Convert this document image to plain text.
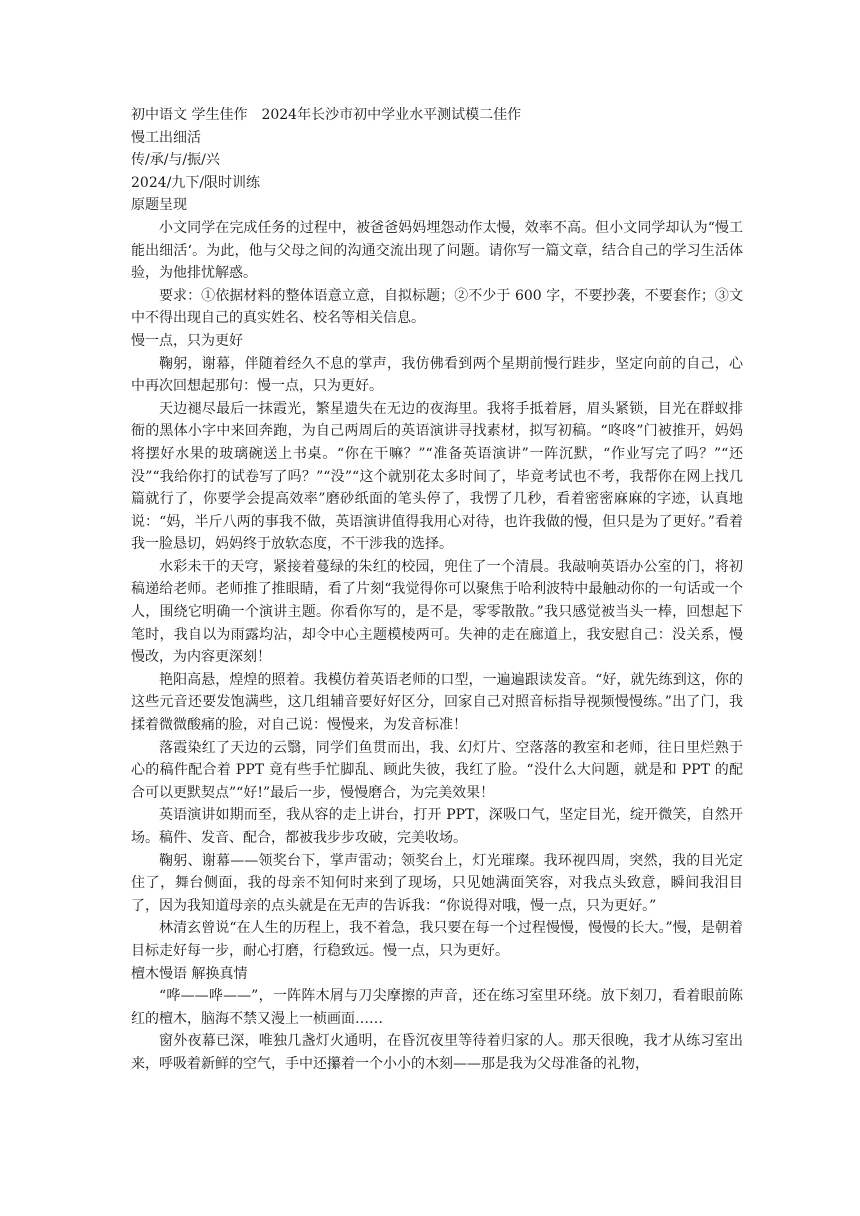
初中语文 学生佳作　2024年长沙市初中学业水平测试模二佳作

慢工出细活

传/承/与/振/兴

2024/九下/限时训练

原题呈现

小文同学在完成任务的过程中，被爸爸妈妈埋怨动作太慢，效率不高。但小文同学却认为“慢工能出细活‘。为此，他与父母之间的沟通交流出现了问题。请你写一篇文章，结合自己的学习生活体验，为他排忧解惑。

要求：①依据材料的整体语意立意，自拟标题；②不少于 600 字，不要抄袭，不要套作；③文中不得出现自己的真实姓名、校名等相关信息。

慢一点，只为更好

鞠躬，谢幕，伴随着经久不息的掌声，我仿佛看到两个星期前慢行跬步，坚定向前的自己，心中再次回想起那句：慢一点，只为更好。

天边褪尽最后一抹霞光，繁星遗失在无边的夜海里。我将手抵着唇，眉头紧锁，目光在群蚁排衙的黑体小字中来回奔跑，为自己两周后的英语演讲寻找素材，拟写初稿。“咚咚”门被推开，妈妈将摆好水果的玻璃碗送上书桌。“你在干嘛？”“准备英语演讲”一阵沉默，“作业写完了吗？”“还没”“我给你打的试卷写了吗？”“没”“这个就别花太多时间了，毕竟考试也不考，我帮你在网上找几篇就行了，你要学会提高效率”磨砂纸面的笔头停了，我愣了几秒，看着密密麻麻的字迹，认真地说：“妈，半斤八两的事我不做，英语演讲值得我用心对待，也许我做的慢，但只是为了更好。”看着我一脸恳切，妈妈终于放软态度，不干涉我的选择。

水彩未干的天穹，紧接着蔓绿的朱红的校园，兜住了一个清晨。我敲响英语办公室的门，将初稿递给老师。老师推了推眼睛，看了片刻“我觉得你可以聚焦于哈利波特中最触动你的一句话或一个人，围绕它明确一个演讲主题。你看你写的，是不是，零零散散。”我只感觉被当头一棒，回想起下笔时，我自以为雨露均沾，却令中心主题模棱两可。失神的走在廊道上，我安慰自己：没关系，慢慢改，为内容更深刻！

艳阳高悬，煌煌的照着。我模仿着英语老师的口型，一遍遍跟读发音。“好，就先练到这，你的这些元音还要发饱满些，这几组辅音要好好区分，回家自己对照音标指导视频慢慢练。”出了门，我揉着微微酸痛的脸，对自己说：慢慢来，为发音标准！

落霞染红了天边的云翳，同学们鱼贯而出，我、幻灯片、空落落的教室和老师，往日里烂熟于心的稿件配合着 PPT 竟有些手忙脚乱、顾此失彼，我红了脸。“没什么大问题，就是和 PPT 的配合可以更默契点”“好!”最后一步，慢慢磨合，为完美效果！

英语演讲如期而至，我从容的走上讲台，打开 PPT，深吸口气，坚定目光，绽开微笑，自然开场。稿件、发音、配合，都被我步步攻破，完美收场。

鞠躬、谢幕——领奖台下，掌声雷动；领奖台上，灯光璀璨。我环视四周，突然，我的目光定住了，舞台侧面，我的母亲不知何时来到了现场，只见她满面笑容，对我点头致意，瞬间我泪目了，因为我知道母亲的点头就是在无声的告诉我：“你说得对哦，慢一点，只为更好。”

林清玄曾说“在人生的历程上，我不着急，我只要在每一个过程慢慢，慢慢的长大。”慢，是朝着目标走好每一步，耐心打磨，行稳致远。慢一点，只为更好。

檀木慢语 解换真情

“哗——哗——”，一阵阵木屑与刀尖摩擦的声音，还在练习室里环绕。放下刻刀，看着眼前陈红的檀木，脑海不禁又漫上一桢画面……

窗外夜幕已深，唯独几盏灯火通明，在昏沉夜里等待着归家的人。那天很晚，我才从练习室出来，呼吸着新鲜的空气，手中还攥着一个小小的木刻——那是我为父母准备的礼物，
